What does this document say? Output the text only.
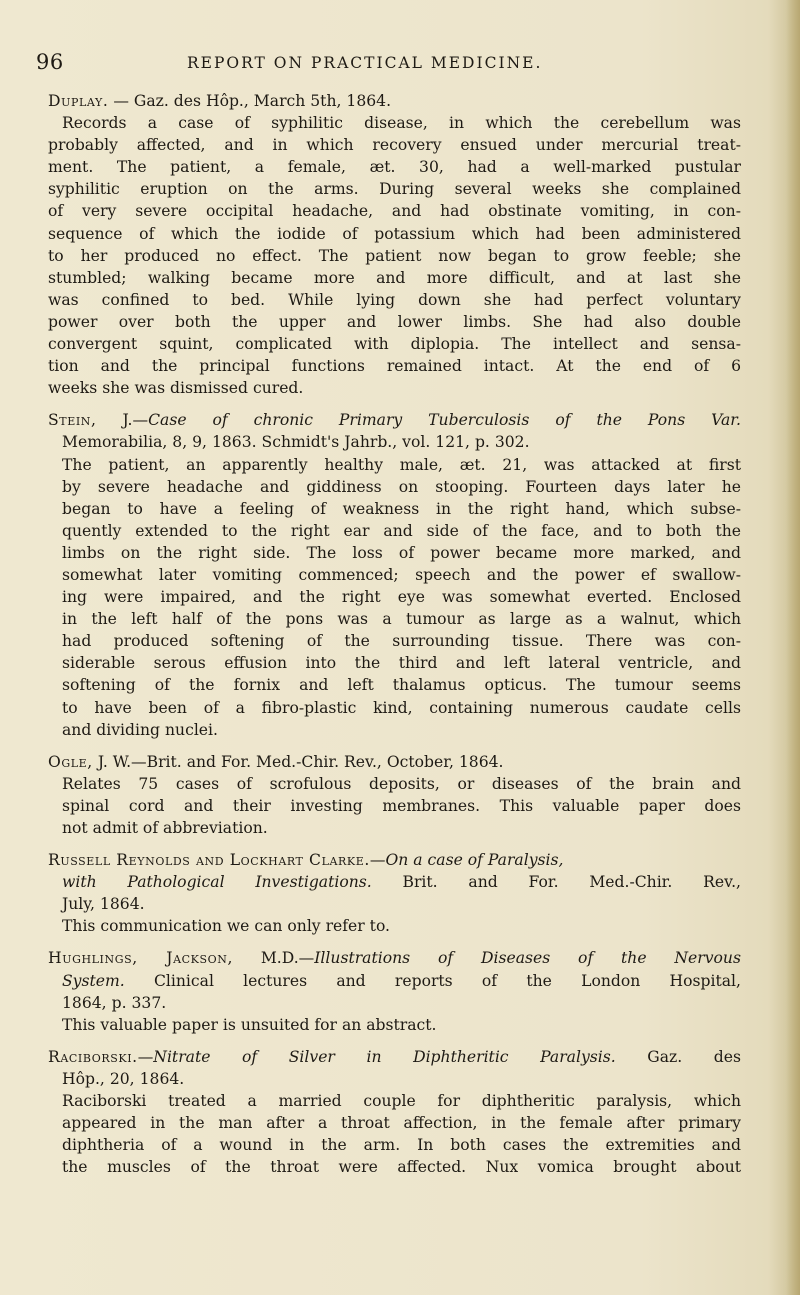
96	REPORT ON PRACTICAL MEDICINE.
Duplay. — Gaz. des Hôp., March 5th, 1864.
Records a case of syphilitic disease, in which the cerebellum was
probably affected, and in which recovery ensued under mercurial treat-
ment. The patient, a female, æt. 30, had a well-marked pustular
syphilitic eruption on the arms. During several weeks she complained
of very severe occipital headache, and had obstinate vomiting, in con-
sequence of which the iodide of potassium which had been administered
to her produced no effect. The patient now began to grow feeble; she
stumbled; walking became more and more difficult, and at last she
was confined to bed. While lying down she had perfect voluntary
power over both the upper and lower limbs. She had also double
convergent squint, complicated with diplopia. The intellect and sensa-
tion and the principal functions remained intact. At the end of 6
weeks she was dismissed cured.
Stein, J.—Case of chronic Primary Tuberculosis of the Pons Var.
Memorabilia, 8, 9, 1863. Schmidt's Jahrb., vol. 121, p. 302.
The patient, an apparently healthy male, æt. 21, was attacked at first
by severe headache and giddiness on stooping. Fourteen days later he
began to have a feeling of weakness in the right hand, which subse-
quently extended to the right ear and side of the face, and to both the
limbs on the right side. The loss of power became more marked, and
somewhat later vomiting commenced; speech and the power ef swallow-
ing were impaired, and the right eye was somewhat everted. Enclosed
in the left half of the pons was a tumour as large as a walnut, which
had produced softening of the surrounding tissue. There was con-
siderable serous effusion into the third and left lateral ventricle, and
softening of the fornix and left thalamus opticus. The tumour seems
to have been of a fibro-plastic kind, containing numerous caudate cells
and dividing nuclei.
Ogle, J. W.—Brit. and For. Med.-Chir. Rev., October, 1864.
Relates 75 cases of scrofulous deposits, or diseases of the brain and
spinal cord and their investing membranes. This valuable paper does
not admit of abbreviation.
Russell Reynolds and Lockhart Clarke.—On a case of Paralysis,
with Pathological Investigations. Brit. and For. Med.-Chir. Rev.,
July, 1864.
This communication we can only refer to.
Hughlings, Jackson, M.D.—Illustrations of Diseases of the Nervous
System. Clinical lectures and reports of the London Hospital,
1864, p. 337.
This valuable paper is unsuited for an abstract.
Raciborski.—Nitrate of Silver in Diphtheritic Paralysis. Gaz. des
Hôp., 20, 1864.
Raciborski treated a married couple for diphtheritic paralysis, which
appeared in the man after a throat affection, in the female after primary
diphtheria of a wound in the arm. In both cases the extremities and
the muscles of the throat were affected. Nux vomica brought about
